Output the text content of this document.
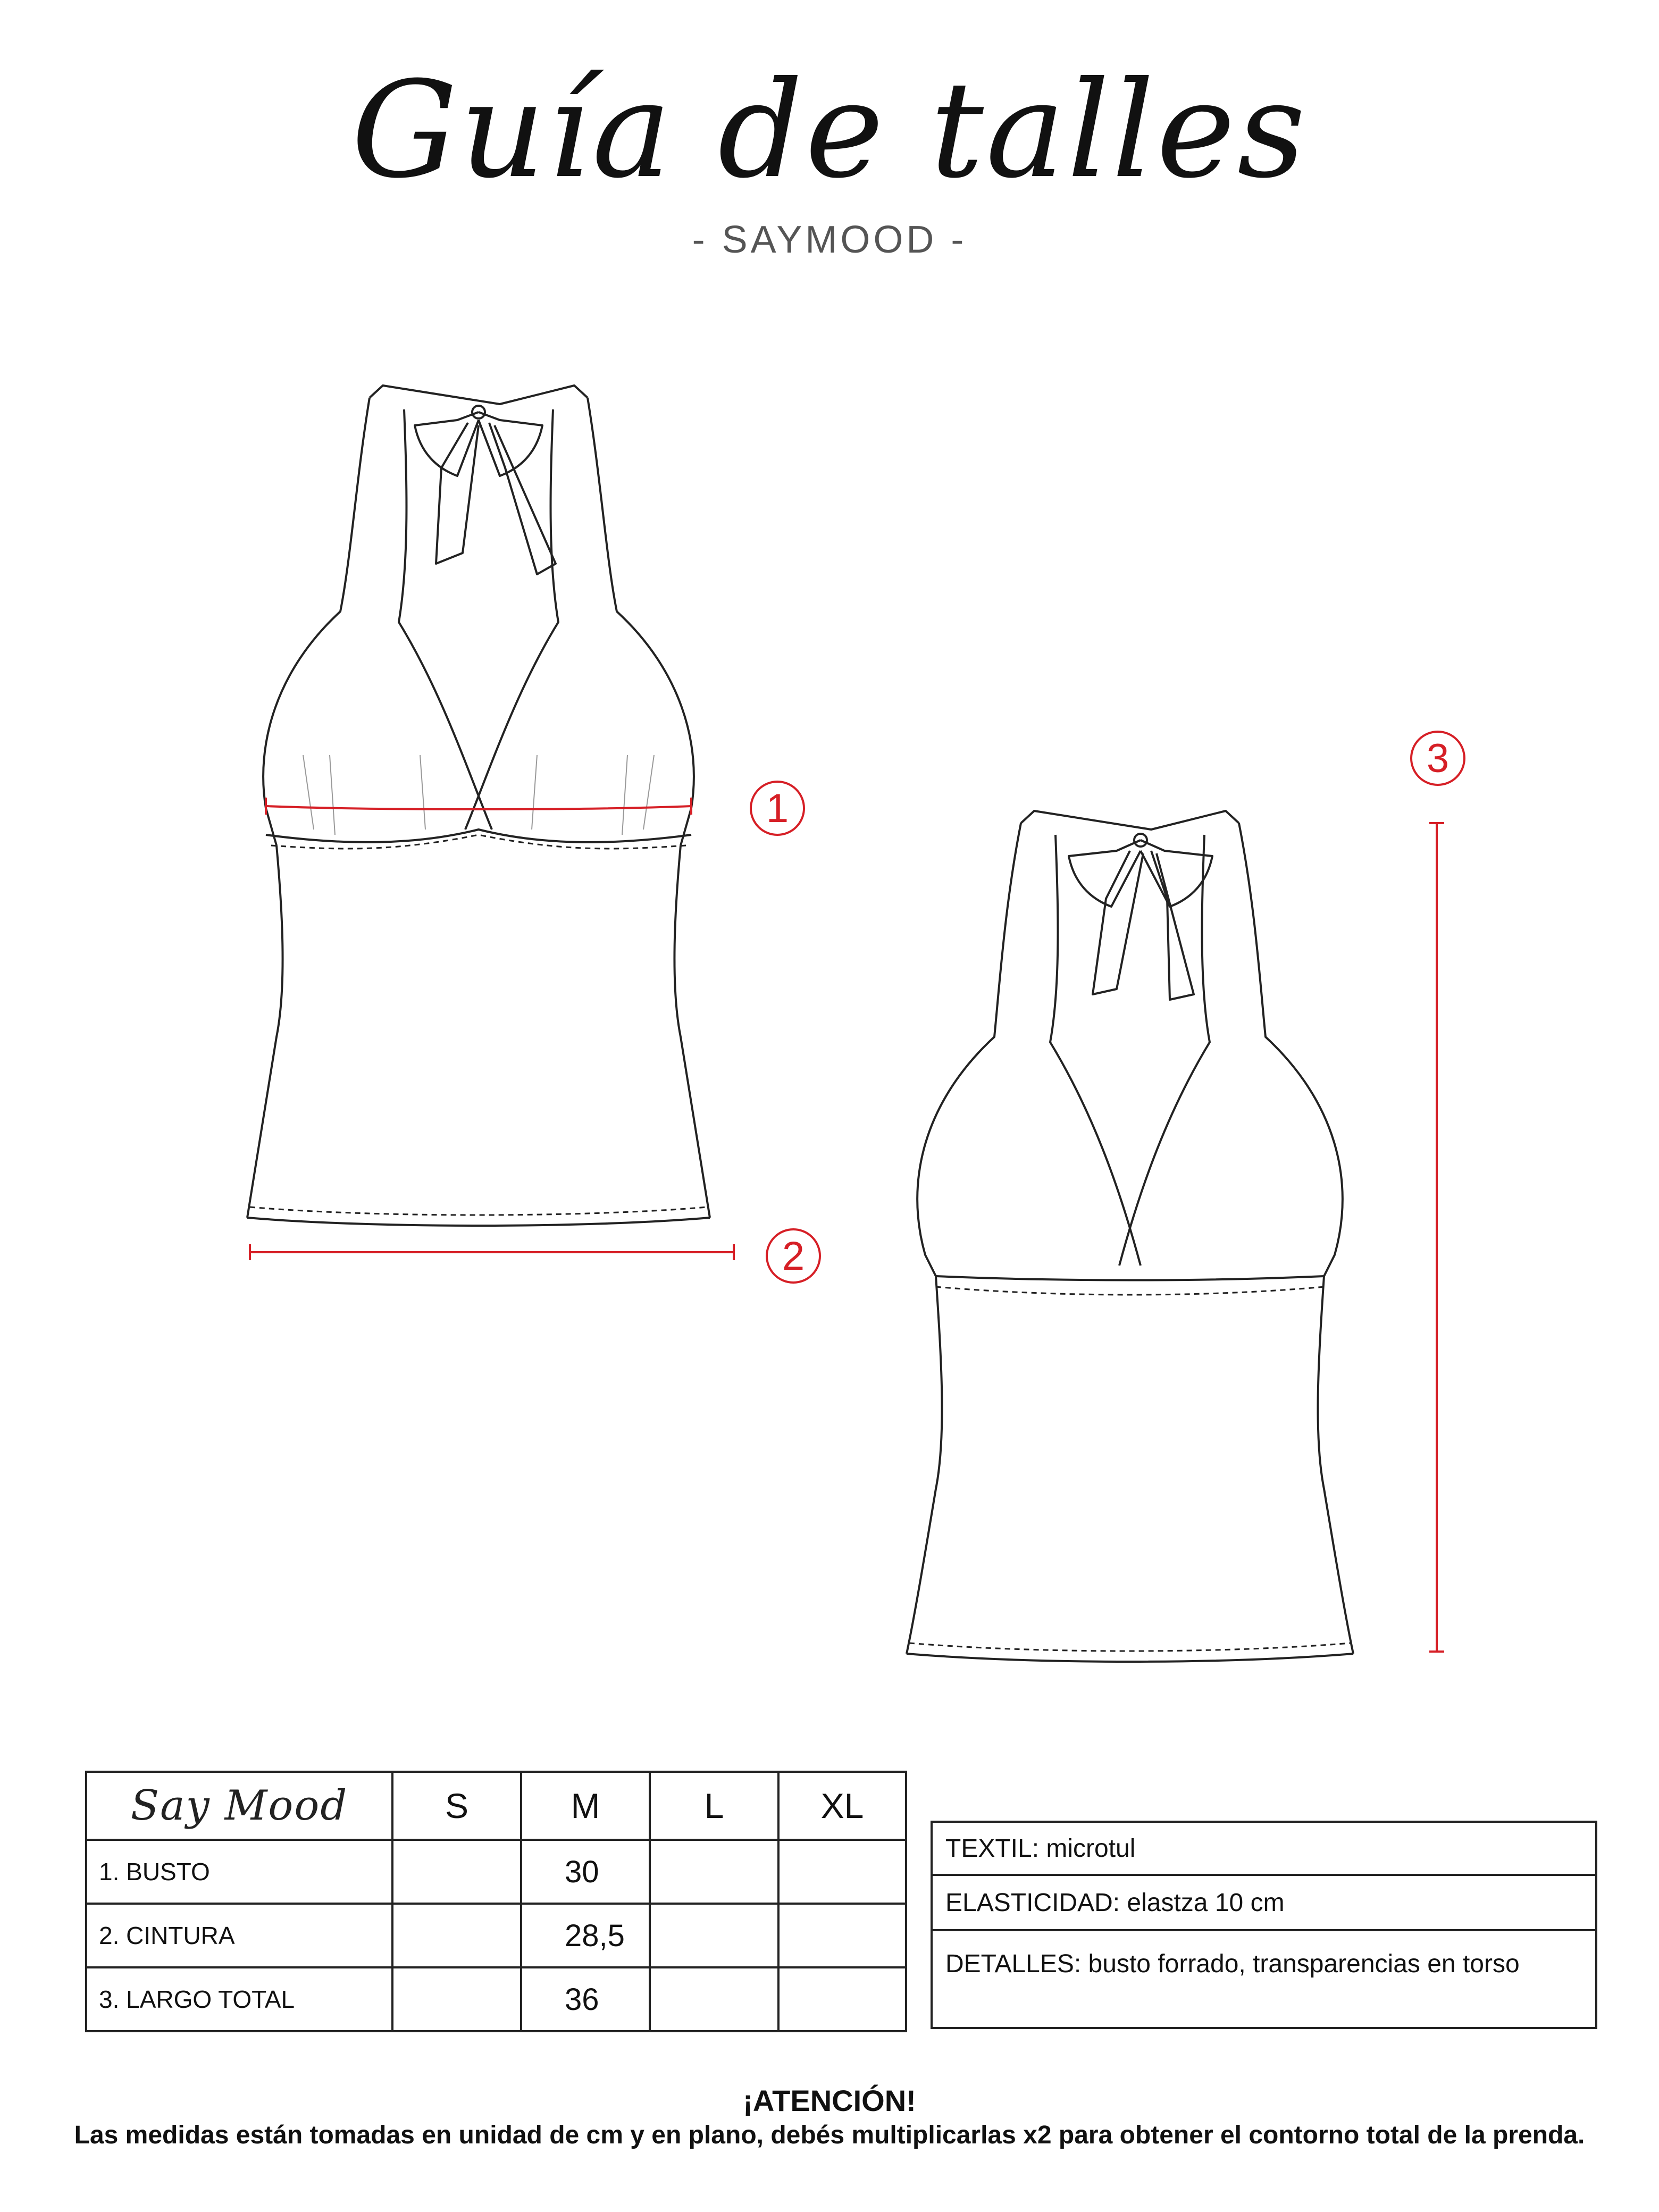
Guía de talles
- SAYMOOD -
1
2
3
Say Mood	S	M	L	XL
1. BUSTO		30		
2. CINTURA		28,5		
3. LARGO TOTAL		36		
TEXTIL: microtul
ELASTICIDAD: elastza 10 cm
DETALLES: busto forrado, transparencias en torso
¡ATENCIÓN!
Las medidas están tomadas en unidad de cm y en plano, debés multiplicarlas x2 para obtener el contorno total de la prenda.
